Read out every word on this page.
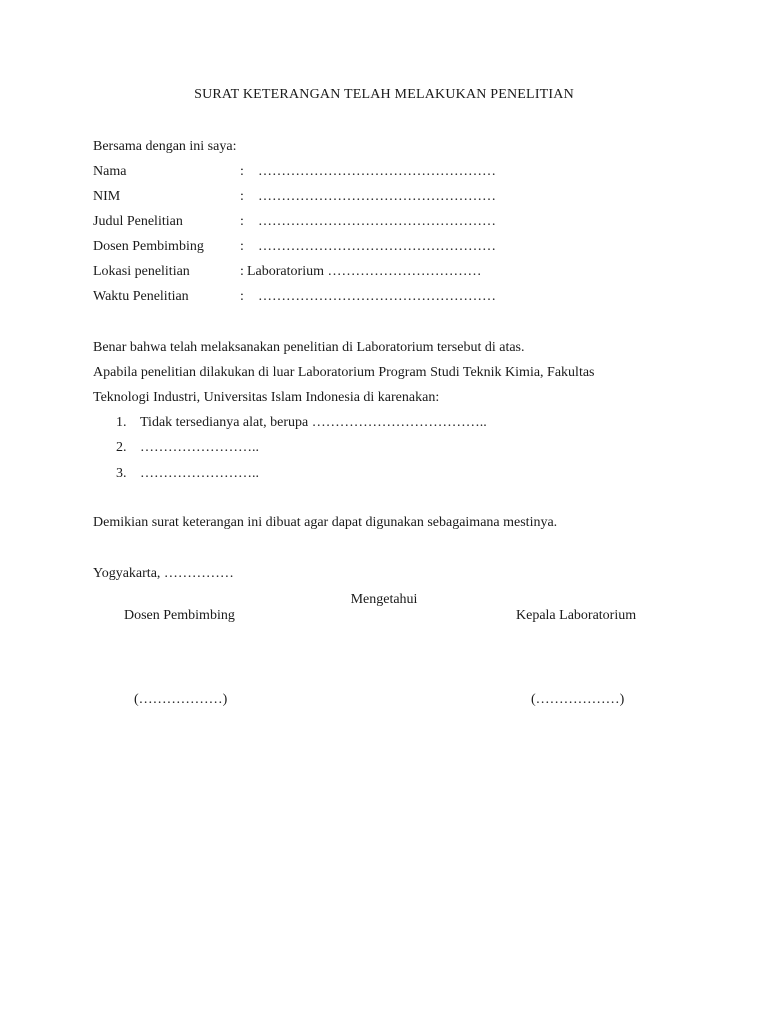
SURAT KETERANGAN TELAH MELAKUKAN PENELITIAN
Bersama dengan ini saya:
Nama	: ……………………………………………
NIM	: ……………………………………………
Judul Penelitian	: ……………………………………………
Dosen Pembimbing	: ……………………………………………
Lokasi penelitian	: Laboratorium ……………………………
Waktu Penelitian	: ……………………………………………
Benar bahwa telah melaksanakan penelitian di Laboratorium tersebut di atas.
Apabila penelitian dilakukan di luar Laboratorium Program Studi Teknik Kimia, Fakultas
Teknologi Industri, Universitas Islam Indonesia di karenakan:
1. Tidak tersedianya alat, berupa ………………………………..
2. ……………………..
3. ……………………..
Demikian surat keterangan ini dibuat agar dapat digunakan sebagaimana mestinya.
Yogyakarta, ……………
Mengetahui
Dosen Pembimbing	Kepala Laboratorium
(………………)	(………………)
